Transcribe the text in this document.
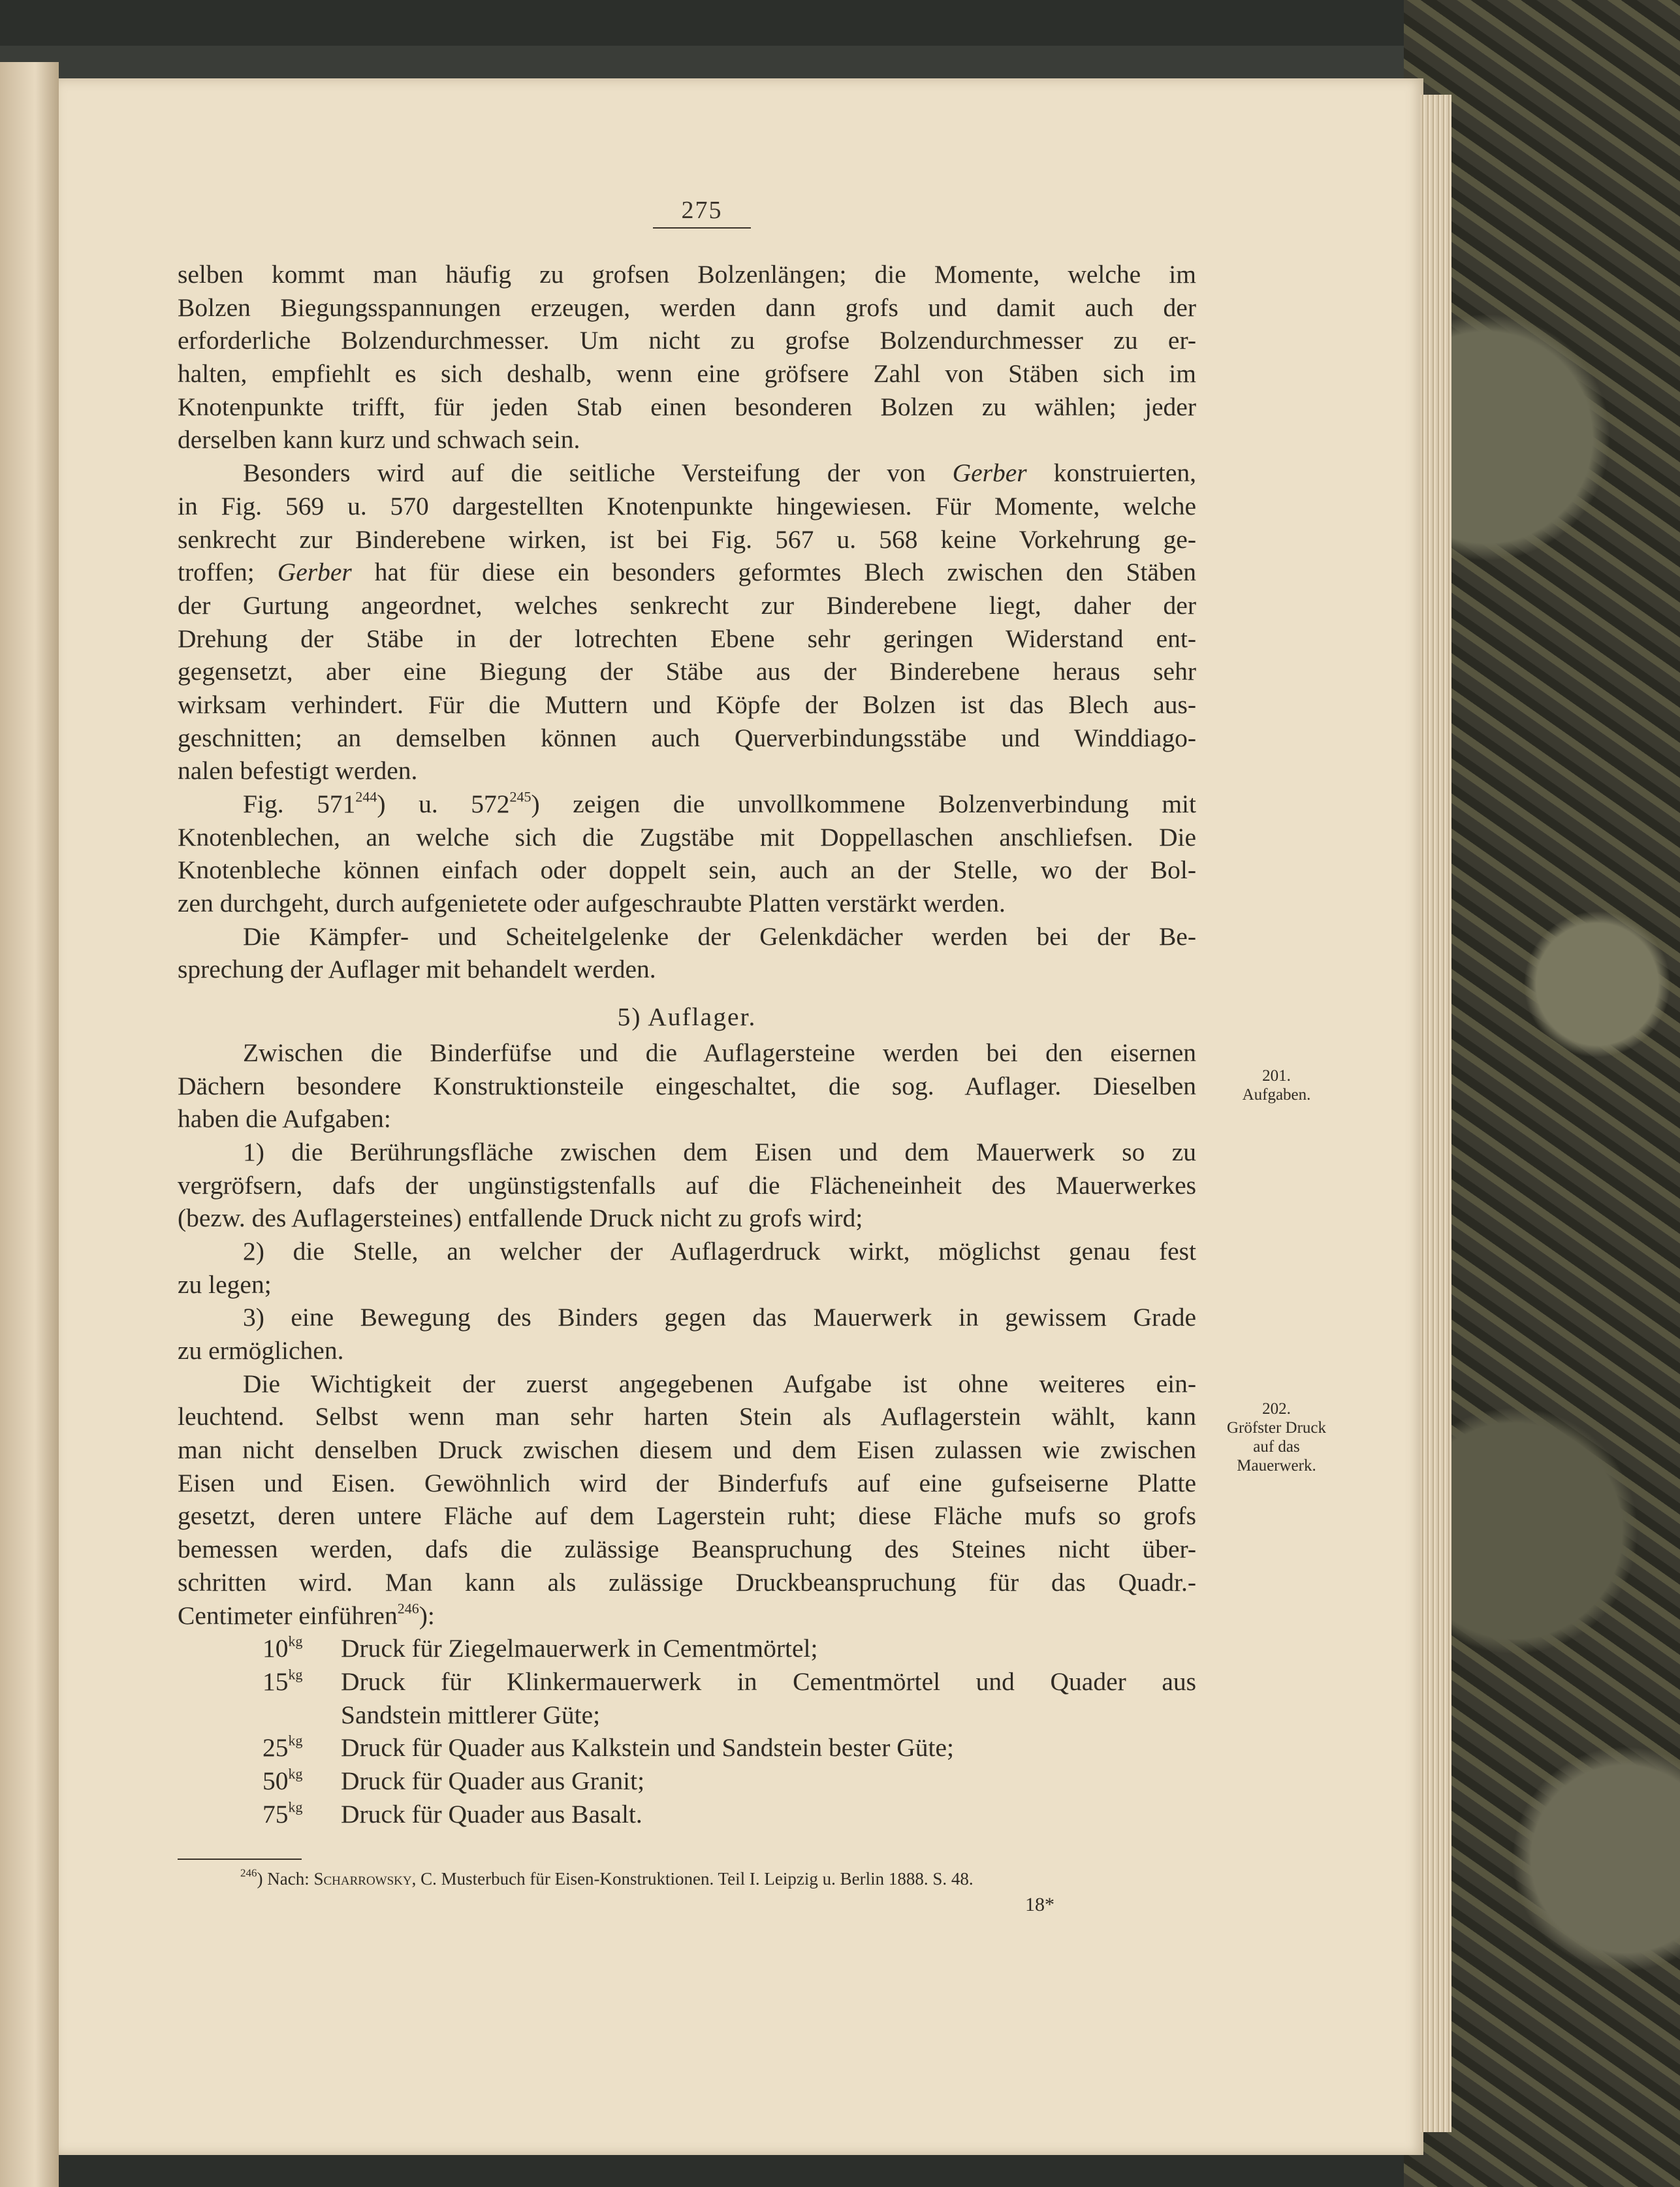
275
selben kommt man häufig zu grofsen Bolzenlängen; die Momente, welche im
Bolzen Biegungsspannungen erzeugen, werden dann grofs und damit auch der
erforderliche Bolzendurchmesser. Um nicht zu grofse Bolzendurchmesser zu er-
halten, empfiehlt es sich deshalb, wenn eine gröfsere Zahl von Stäben sich im
Knotenpunkte trifft, für jeden Stab einen besonderen Bolzen zu wählen; jeder
derselben kann kurz und schwach sein.
Besonders wird auf die seitliche Versteifung der von Gerber konstruierten,
in Fig. 569 u. 570 dargestellten Knotenpunkte hingewiesen. Für Momente, welche
senkrecht zur Binderebene wirken, ist bei Fig. 567 u. 568 keine Vorkehrung ge-
troffen; Gerber hat für diese ein besonders geformtes Blech zwischen den Stäben
der Gurtung angeordnet, welches senkrecht zur Binderebene liegt, daher der
Drehung der Stäbe in der lotrechten Ebene sehr geringen Widerstand ent-
gegensetzt, aber eine Biegung der Stäbe aus der Binderebene heraus sehr
wirksam verhindert. Für die Muttern und Köpfe der Bolzen ist das Blech aus-
geschnitten; an demselben können auch Querverbindungsstäbe und Winddiago-
nalen befestigt werden.
Fig. $571^{244}$) u. $572^{245}$) zeigen die unvollkommene Bolzenverbindung mit
Knotenblechen, an welche sich die Zugstäbe mit Doppellaschen anschliefsen. Die
Knotenbleche können einfach oder doppelt sein, auch an der Stelle, wo der Bol-
zen durchgeht, durch aufgenietete oder aufgeschraubte Platten verstärkt werden.
Die Kämpfer- und Scheitelgelenke der Gelenkdächer werden bei der Be-
sprechung der Auflager mit behandelt werden.
5) Auflager.
Zwischen die Binderfüfse und die Auflagersteine werden bei den eisernen
Dächern besondere Konstruktionsteile eingeschaltet, die sog. Auflager. Dieselben
haben die Aufgaben:
1) die Berührungsfläche zwischen dem Eisen und dem Mauerwerk so zu
vergröfsern, dafs der ungünstigstenfalls auf die Flächeneinheit des Mauerwerkes
(bezw. des Auflagersteines) entfallende Druck nicht zu grofs wird;
2) die Stelle, an welcher der Auflagerdruck wirkt, möglichst genau fest
zu legen;
3) eine Bewegung des Binders gegen das Mauerwerk in gewissem Grade
zu ermöglichen.
Die Wichtigkeit der zuerst angegebenen Aufgabe ist ohne weiteres ein-
leuchtend. Selbst wenn man sehr harten Stein als Auflagerstein wählt, kann
man nicht denselben Druck zwischen diesem und dem Eisen zulassen wie zwischen
Eisen und Eisen. Gewöhnlich wird der Binderfufs auf eine gufseiserne Platte
gesetzt, deren untere Fläche auf dem Lagerstein ruht; diese Fläche mufs so grofs
bemessen werden, dafs die zulässige Beanspruchung des Steines nicht über-
schritten wird. Man kann als zulässige Druckbeanspruchung für das Quadr.-
Centimeter einführen$^{246}$):
$10^{kg}$ Druck für Ziegelmauerwerk in Cementmörtel;
$15^{kg}$ Druck für Klinkermauerwerk in Cementmörtel und Quader aus
Sandstein mittlerer Güte;
$25^{kg}$ Druck für Quader aus Kalkstein und Sandstein bester Güte;
$50^{kg}$ Druck für Quader aus Granit;
$75^{kg}$ Druck für Quader aus Basalt.
$^{246}$) Nach: Scharrowsky, C. Musterbuch für Eisen-Konstruktionen. Teil I. Leipzig u. Berlin 1888. S. 48.
18*
201.
Aufgaben.
202.
Gröfster Druck
auf das
Mauerwerk.
